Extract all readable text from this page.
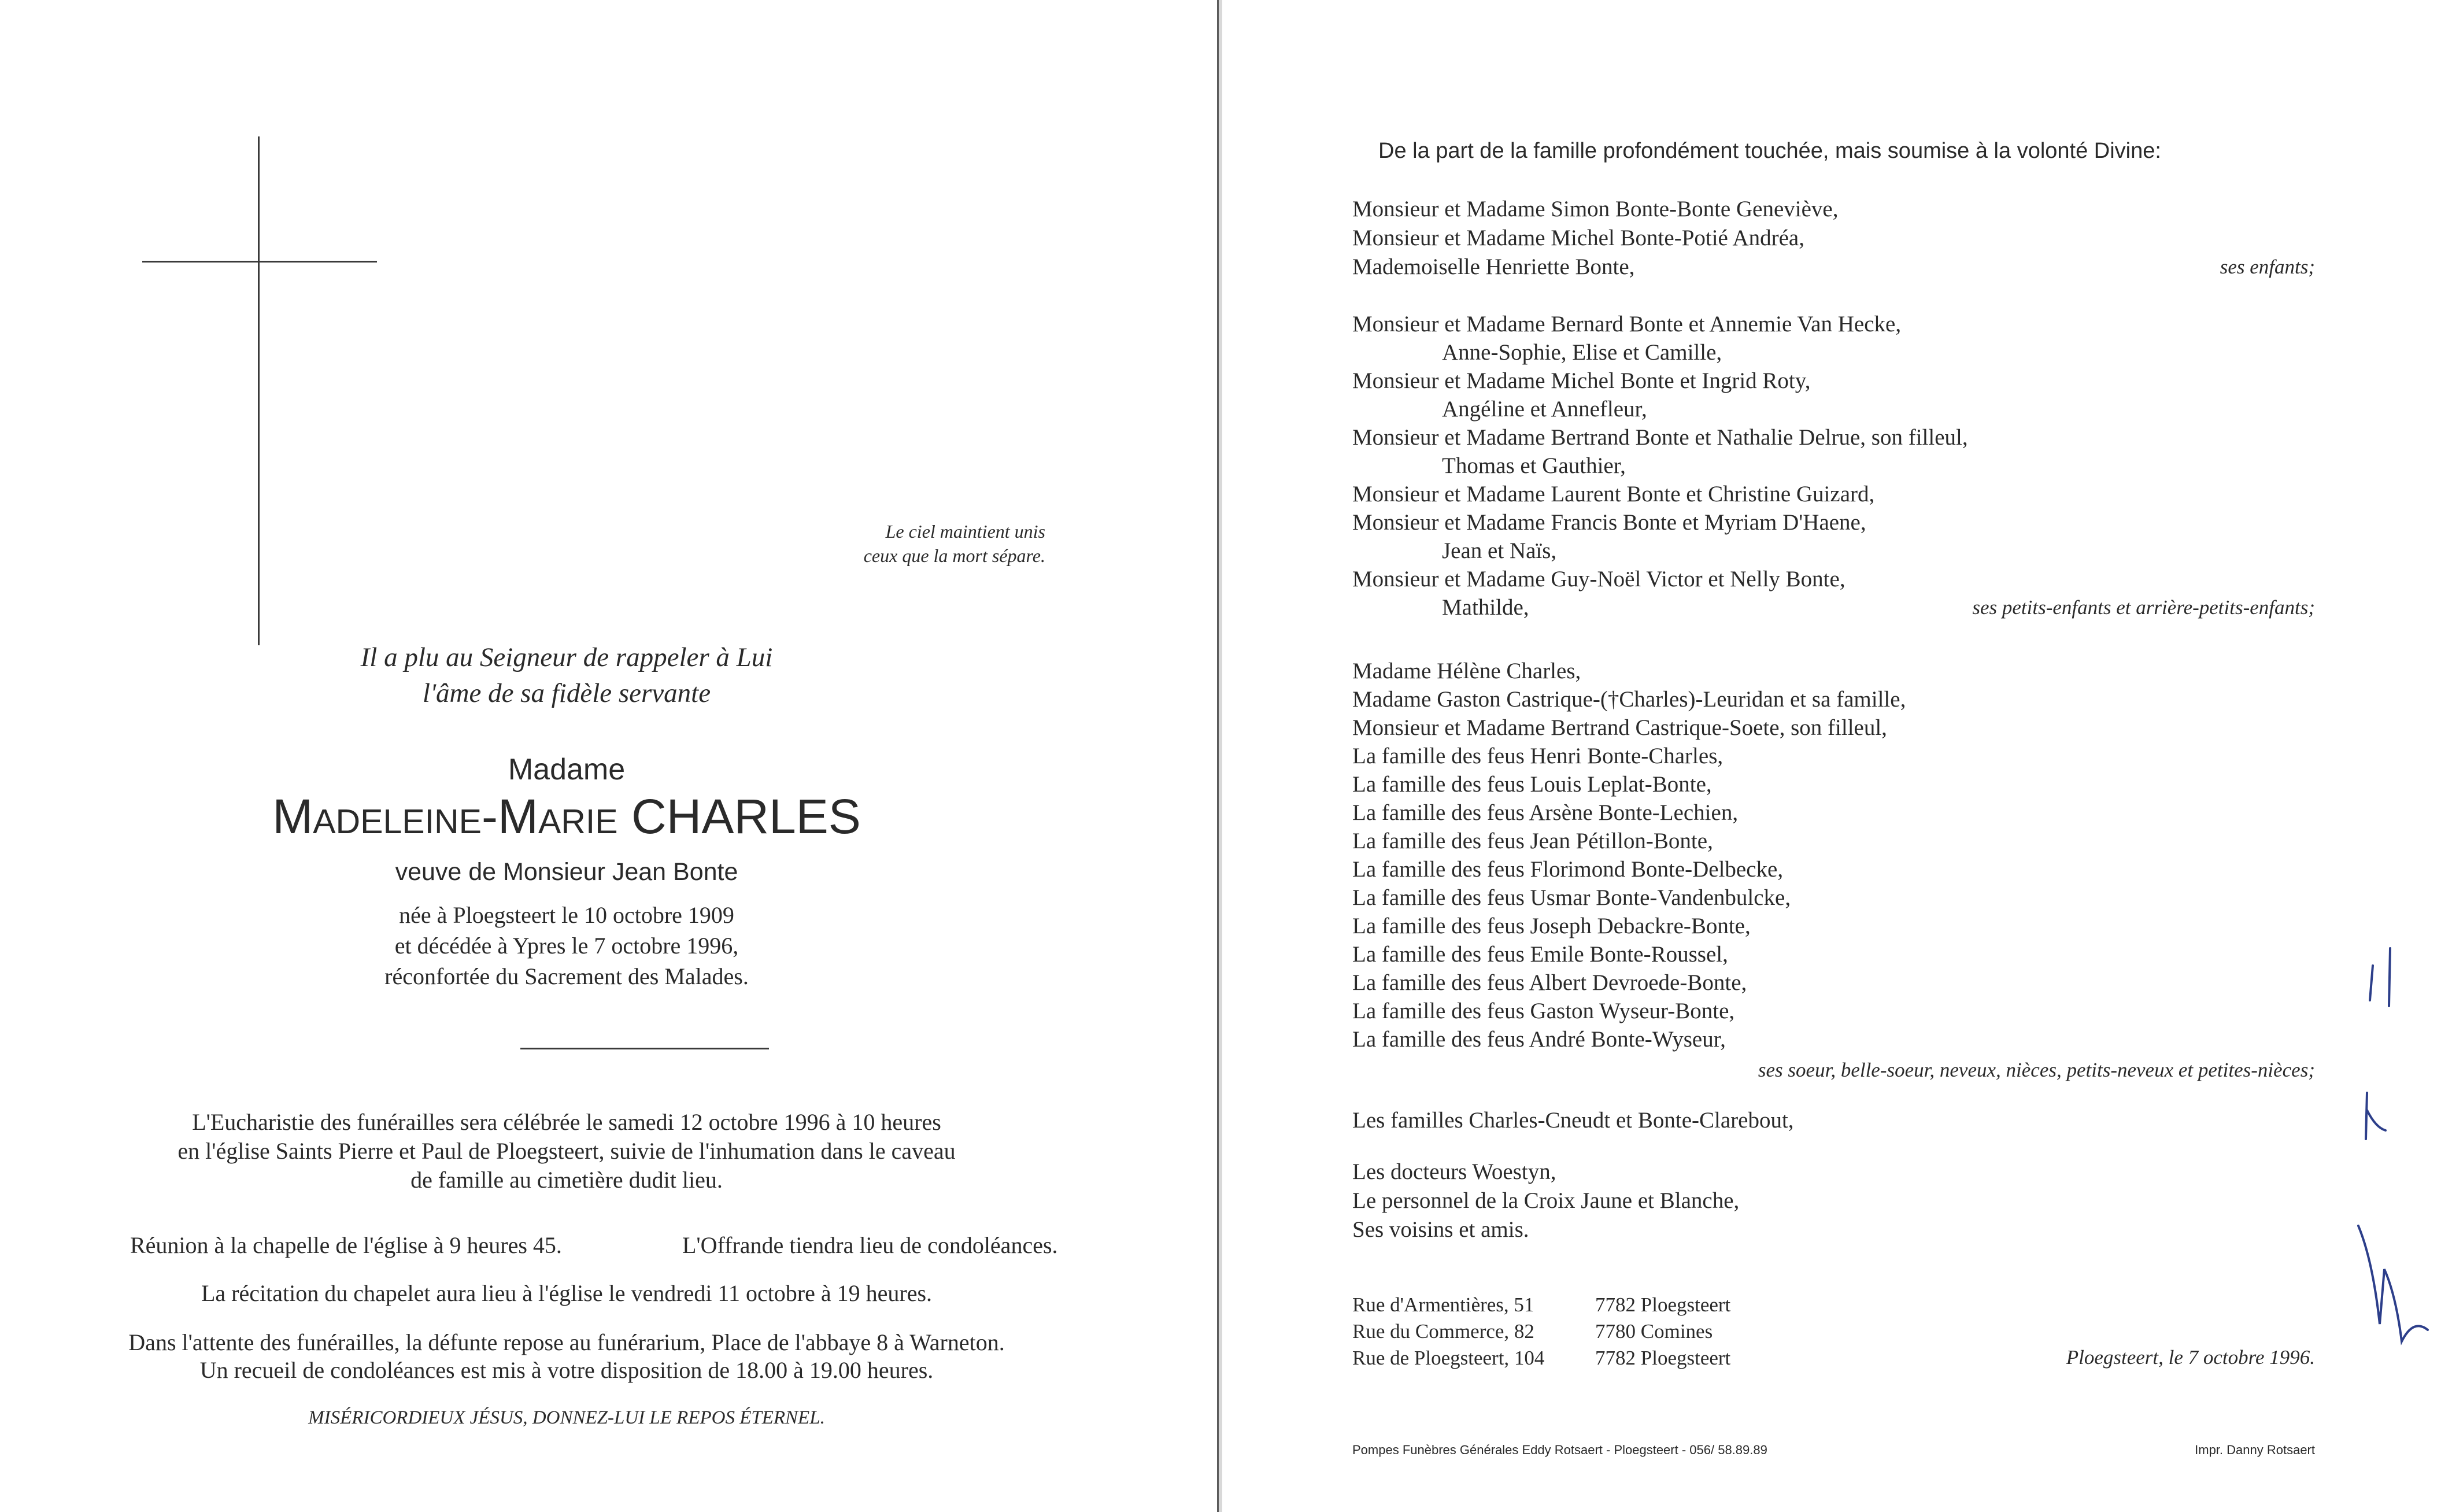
Le ciel maintient unis
ceux que la mort sépare.
Il a plu au Seigneur de rappeler à Lui
l'âme de sa fidèle servante
Madame
Madeleine-Marie CHARLES
veuve de Monsieur Jean Bonte
née à Ploegsteert le 10 octobre 1909
et décédée à Ypres le 7 octobre 1996,
réconfortée du Sacrement des Malades.
L'Eucharistie des funérailles sera célébrée le samedi 12 octobre 1996 à 10 heures
en l'église Saints Pierre et Paul de Ploegsteert, suivie de l'inhumation dans le caveau
de famille au cimetière dudit lieu.
Réunion à la chapelle de l'église à 9 heures 45.	L'Offrande tiendra lieu de condoléances.
La récitation du chapelet aura lieu à l'église le vendredi 11 octobre à 19 heures.
Dans l'attente des funérailles, la défunte repose au funérarium, Place de l'abbaye 8 à Warneton.
Un recueil de condoléances est mis à votre disposition de 18.00 à 19.00 heures.
MISÉRICORDIEUX JÉSUS, DONNEZ-LUI LE REPOS ÉTERNEL.
De la part de la famille profondément touchée, mais soumise à la volonté Divine:
Monsieur et Madame Simon Bonte-Bonte Geneviève,
Monsieur et Madame Michel Bonte-Potié Andréa,
Mademoiselle Henriette Bonte,	ses enfants;
Monsieur et Madame Bernard Bonte et Annemie Van Hecke,
Anne-Sophie, Elise et Camille,
Monsieur et Madame Michel Bonte et Ingrid Roty,
Angéline et Annefleur,
Monsieur et Madame Bertrand Bonte et Nathalie Delrue, son filleul,
Thomas et Gauthier,
Monsieur et Madame Laurent Bonte et Christine Guizard,
Monsieur et Madame Francis Bonte et Myriam D'Haene,
Jean et Naïs,
Monsieur et Madame Guy-Noël Victor et Nelly Bonte,
Mathilde,	ses petits-enfants et arrière-petits-enfants;
Madame Hélène Charles,
Madame Gaston Castrique-(†Charles)-Leuridan et sa famille,
Monsieur et Madame Bertrand Castrique-Soete, son filleul,
La famille des feus Henri Bonte-Charles,
La famille des feus Louis Leplat-Bonte,
La famille des feus Arsène Bonte-Lechien,
La famille des feus Jean Pétillon-Bonte,
La famille des feus Florimond Bonte-Delbecke,
La famille des feus Usmar Bonte-Vandenbulcke,
La famille des feus Joseph Debackre-Bonte,
La famille des feus Emile Bonte-Roussel,
La famille des feus Albert Devroede-Bonte,
La famille des feus Gaston Wyseur-Bonte,
La famille des feus André Bonte-Wyseur,
ses soeur, belle-soeur, neveux, nièces, petits-neveux et petites-nièces;
Les familles Charles-Cneudt et Bonte-Clarebout,
Les docteurs Woestyn,
Le personnel de la Croix Jaune et Blanche,
Ses voisins et amis.
Rue d'Armentières, 51	7782 Ploegsteert
Rue du Commerce, 82	7780 Comines
Rue de Ploegsteert, 104	7782 Ploegsteert	Ploegsteert, le 7 octobre 1996.
Pompes Funèbres Générales Eddy Rotsaert - Ploegsteert - 056/ 58.89.89	Impr. Danny Rotsaert
